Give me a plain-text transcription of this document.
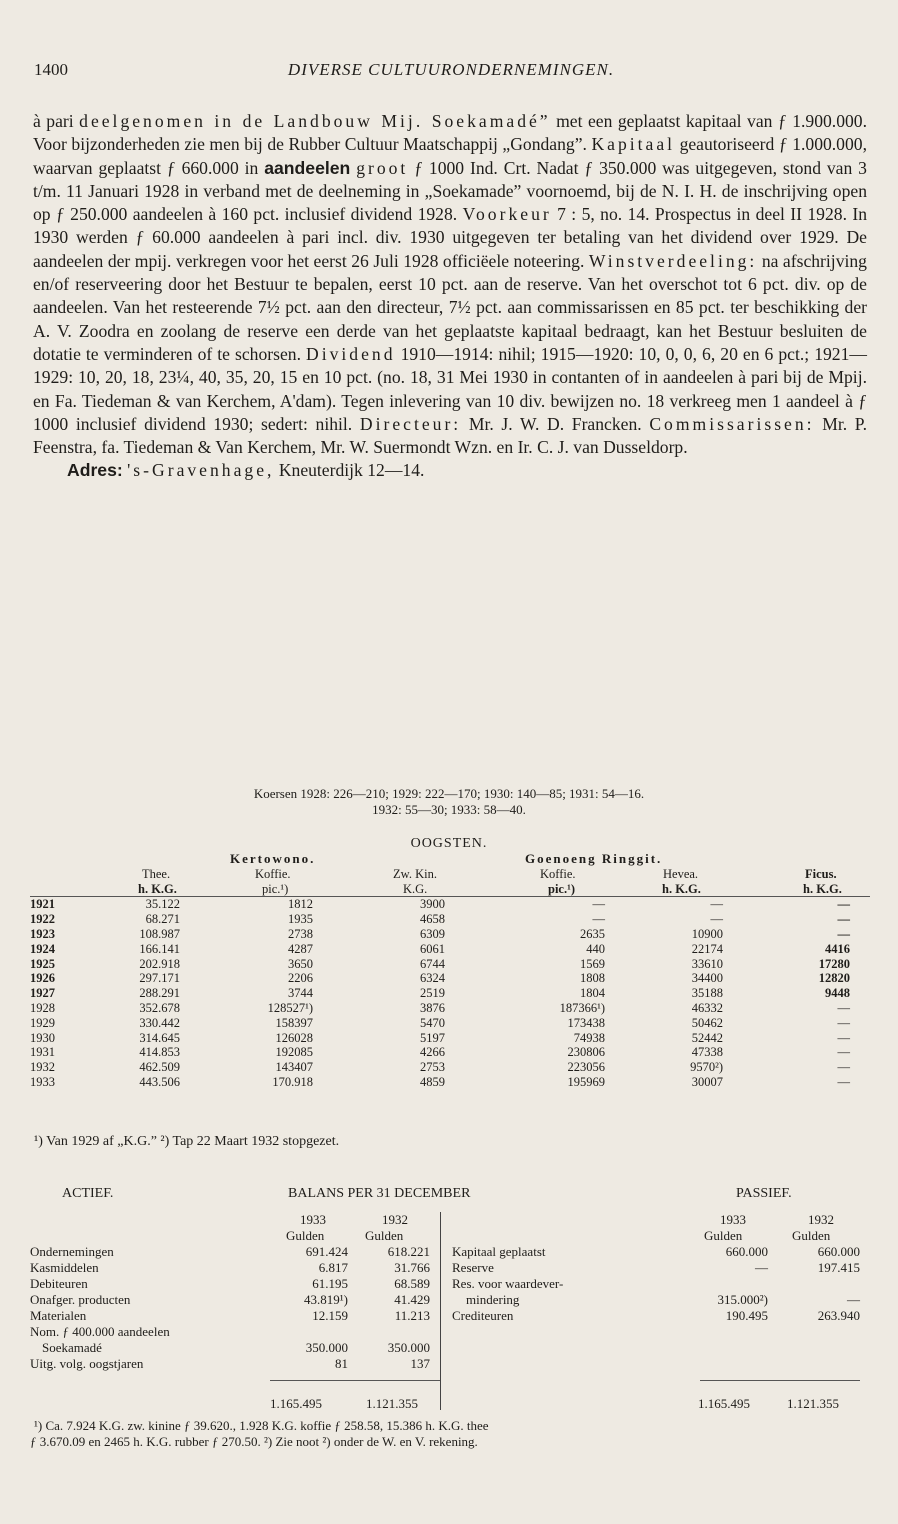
1400	DIVERSE CULTUURONDERNEMINGEN.

à pari deelgenomen in de Landbouw Mij. Soekamadé” met een geplaatst kapitaal van ƒ 1.900.000. Voor bijzonderheden zie men bij de Rubber Cultuur Maatschappij „Gondang”. Kapitaal geautoriseerd ƒ 1.000.000, waarvan geplaatst ƒ 660.000 in aandeelen groot ƒ 1000 Ind. Crt. Nadat ƒ 350.000 was uitgegeven, stond van 3 t/m. 11 Januari 1928 in verband met de deelneming in „Soekamade” voornoemd, bij de N. I. H. de inschrijving open op ƒ 250.000 aandeelen à 160 pct. inclusief dividend 1928. Voorkeur 7 : 5, no. 14. Prospectus in deel II 1928. In 1930 werden ƒ 60.000 aandeelen à pari incl. div. 1930 uitgegeven ter betaling van het dividend over 1929. De aandeelen der mpij. verkregen voor het eerst 26 Juli 1928 officiëele noteering. Winstverdeeling: na afschrijving en/of reserveering door het Bestuur te bepalen, eerst 10 pct. aan de reserve. Van het overschot tot 6 pct. div. op de aandeelen. Van het resteerende 7½ pct. aan den directeur, 7½ pct. aan commissarissen en 85 pct. ter beschikking der A. V. Zoodra en zoolang de reserve een derde van het geplaatste kapitaal bedraagt, kan het Bestuur besluiten de dotatie te verminderen of te schorsen. Dividend 1910—1914: nihil; 1915—1920: 10, 0, 0, 6, 20 en 6 pct.; 1921—1929: 10, 20, 18, 23¼, 40, 35, 20, 15 en 10 pct. (no. 18, 31 Mei 1930 in contanten of in aandeelen à pari bij de Mpij. en Fa. Tiedeman & van Kerchem, A'dam). Tegen inlevering van 10 div. bewijzen no. 18 verkreeg men 1 aandeel à ƒ 1000 inclusief dividend 1930; sedert: nihil. Directeur: Mr. J. W. D. Francken. Commissarissen: Mr. P. Feenstra, fa. Tiedeman & Van Kerchem, Mr. W. Suermondt Wzn. en Ir. C. J. van Dusseldorp.
Adres: 's-Gravenhage, Kneuterdijk 12—14.

Koersen 1928: 226—210; 1929: 222—170; 1930: 140—85; 1931: 54—16.
1932: 55—30; 1933: 58—40.
OOGSTEN.
Kertowono.	Goenoeng Ringgit.
Thee.	Koffie.	Zw. Kin.	Koffie.	Hevea.	Ficus.
h. K.G.	pic.¹)	K.G.	pic.¹)	h. K.G.	h. K.G.
1921	35.122	1812	3900	—	—	—
1922	68.271	1935	4658	—	—	—
1923	108.987	2738	6309	2635	10900	—
1924	166.141	4287	6061	440	22174	4416
1925	202.918	3650	6744	1569	33610	17280
1926	297.171	2206	6324	1808	34400	12820
1927	288.291	3744	2519	1804	35188	9448
1928	352.678	128527¹)	3876	187366¹)	46332	—
1929	330.442	158397	5470	173438	50462	—
1930	314.645	126028	5197	74938	52442	—
1931	414.853	192085	4266	230806	47338	—
1932	462.509	143407	2753	223056	9570²)	—
1933	443.506	170.918	4859	195969	30007	—
¹) Van 1929 af „K.G.” ²) Tap 22 Maart 1932 stopgezet.
ACTIEF.	BALANS PER 31 DECEMBER	PASSIEF.
1933	1932	1933	1932
Gulden	Gulden	Gulden	Gulden
Ondernemingen	691.424	618.221 Kapitaal geplaatst	660.000	660.000
Kasmiddelen	6.817	31.766 Reserve	—	197.415
Debiteuren	61.195	68.589 Res. voor waardever-
Onafger. producten	43.819¹)	41.429	mindering	315.000²)	—
Materialen	12.159	11.213 Crediteuren	190.495	263.940
Nom. ƒ 400.000 aandeelen
Soekamadé	350.000	350.000
Uitg. volg. oogstjaren	81	137
1.165.495	1.121.355	1.165.495	1.121.355
¹) Ca. 7.924 K.G. zw. kinine ƒ 39.620., 1.928 K.G. koffie ƒ 258.58, 15.386 h. K.G. thee
ƒ 3.670.09 en 2465 h. K.G. rubber ƒ 270.50. ²) Zie noot ²) onder de W. en V. rekening.
